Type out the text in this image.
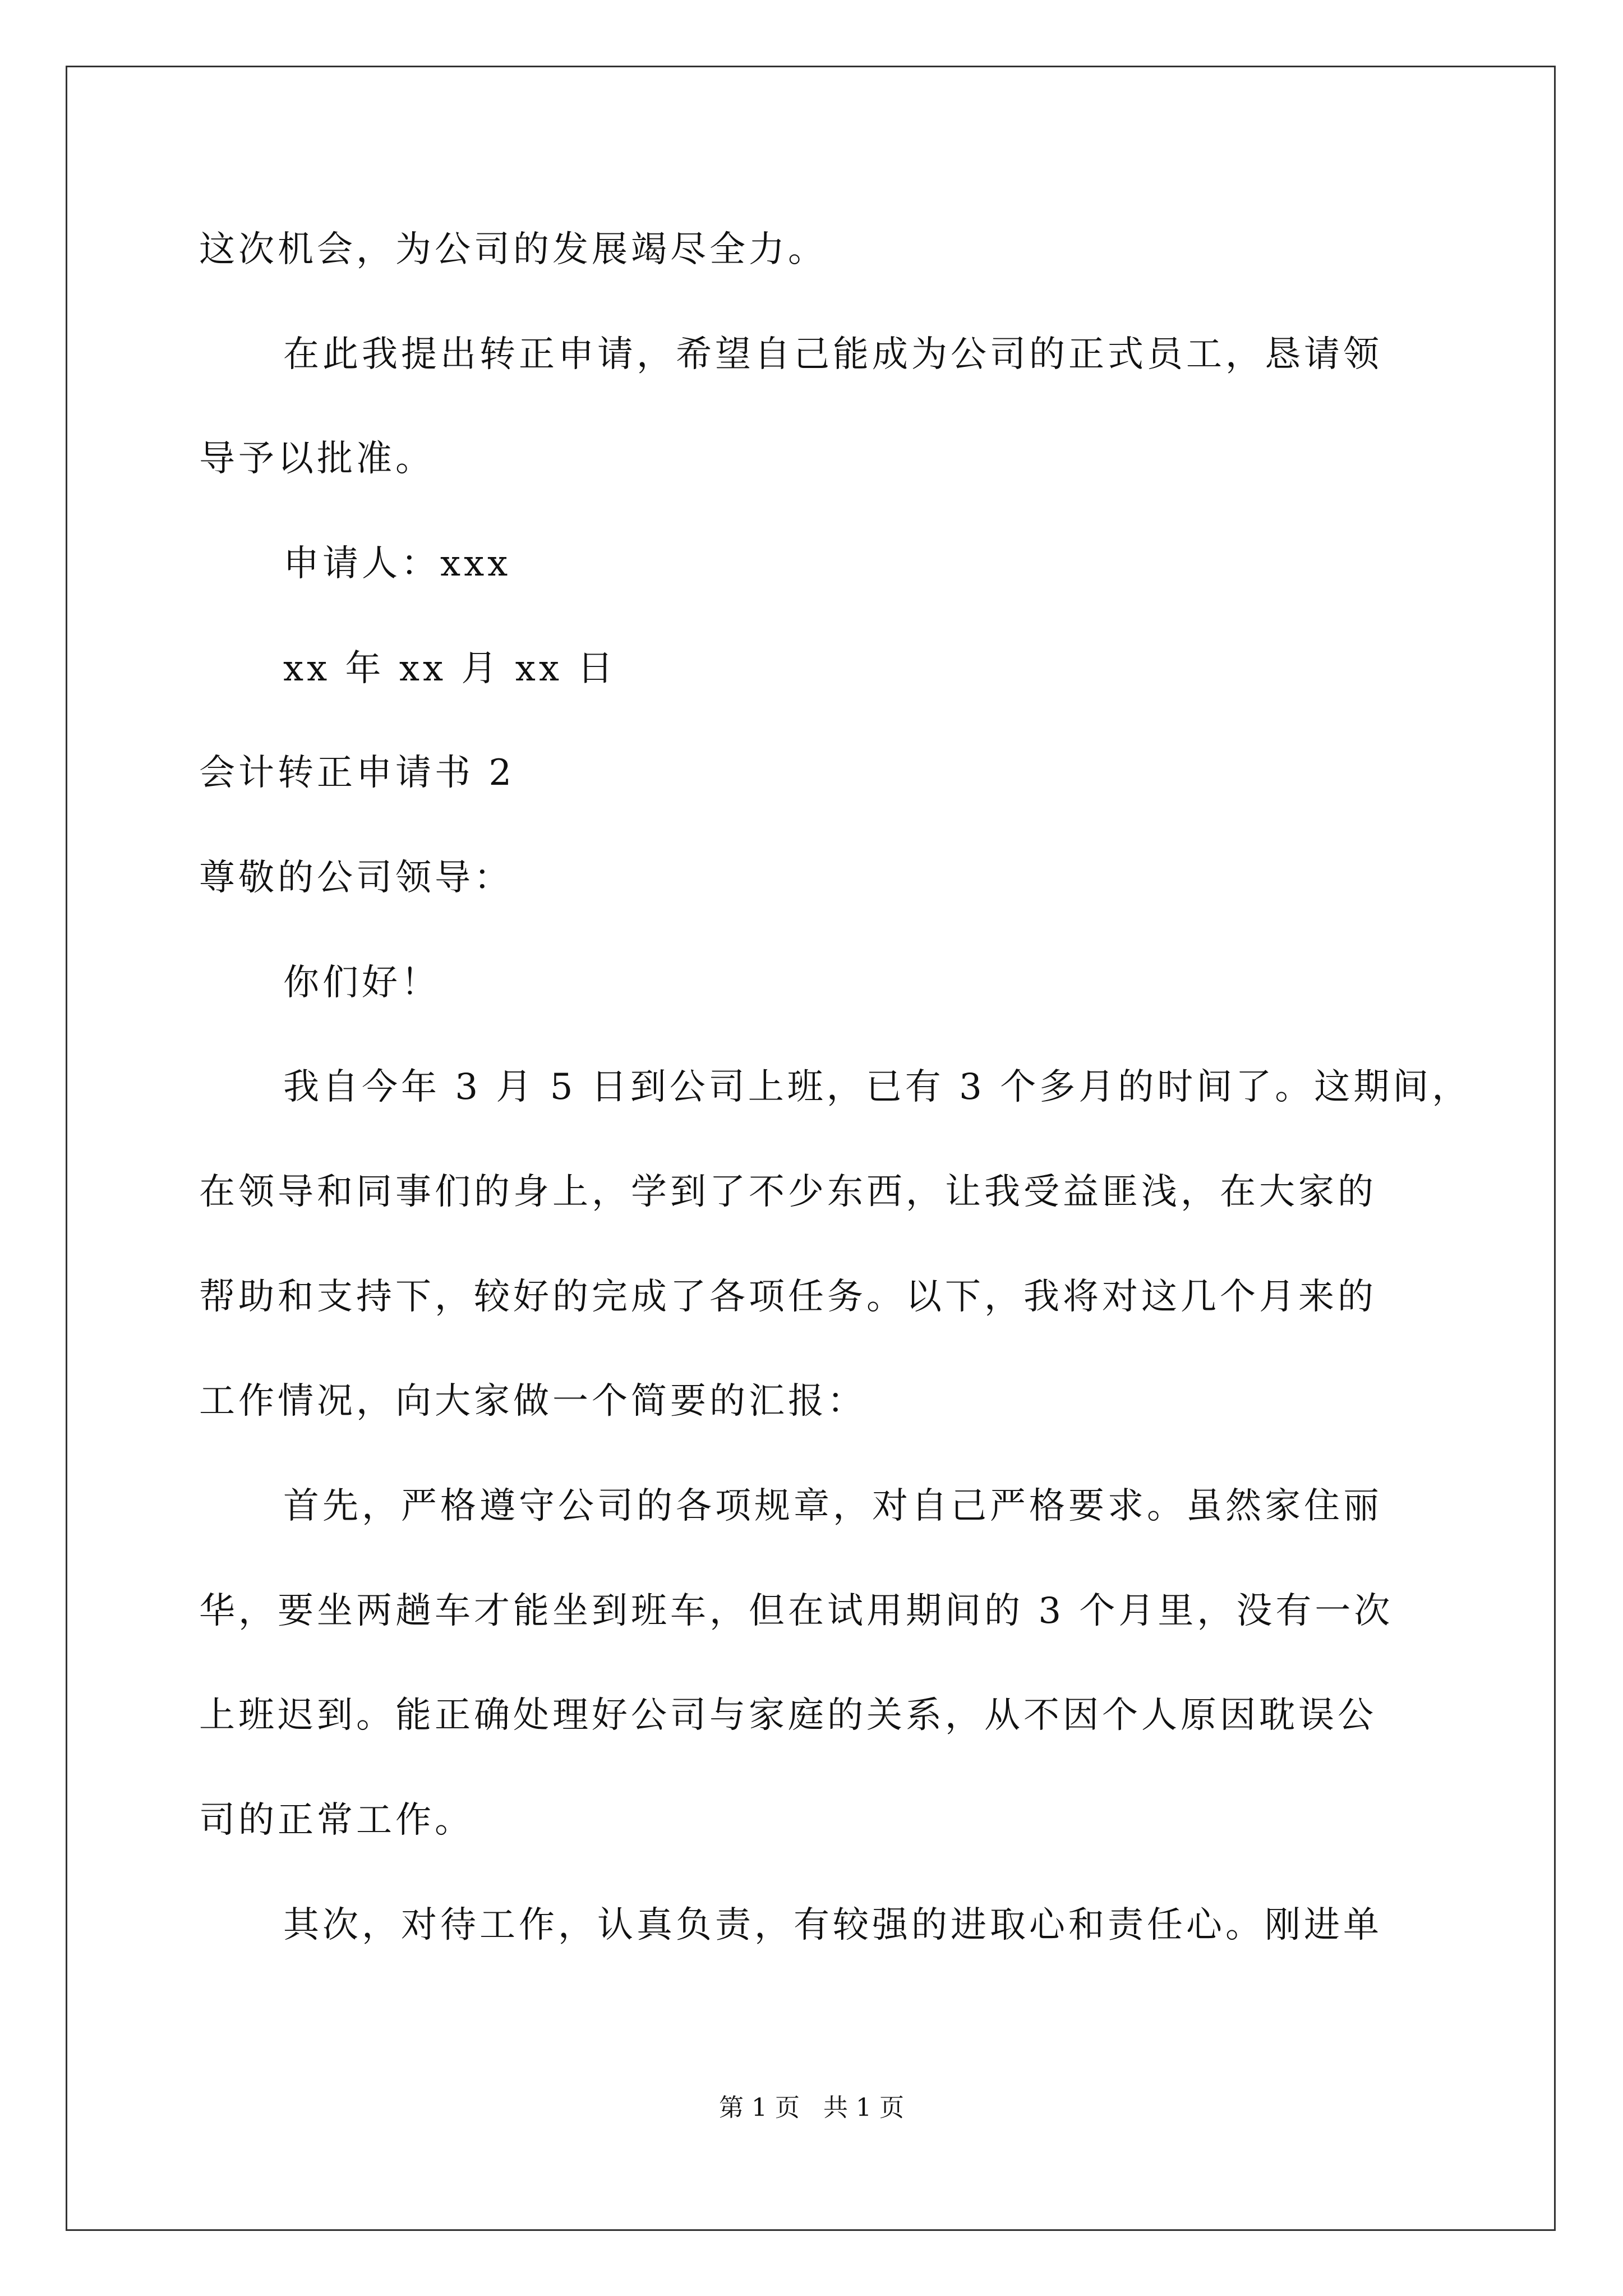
这次机会，为公司的发展竭尽全力。
在此我提出转正申请，希望自己能成为公司的正式员工，恳请领
导予以批准。
申请人：xxx
xx 年 xx 月 xx 日
会计转正申请书 2
尊敬的公司领导：
你们好！
我自今年 3 月 5 日到公司上班，已有 3 个多月的时间了。这期间，
在领导和同事们的身上，学到了不少东西，让我受益匪浅，在大家的
帮助和支持下，较好的完成了各项任务。以下，我将对这几个月来的
工作情况，向大家做一个简要的汇报：
首先，严格遵守公司的各项规章，对自己严格要求。虽然家住丽
华，要坐两趟车才能坐到班车，但在试用期间的 3 个月里，没有一次
上班迟到。能正确处理好公司与家庭的关系，从不因个人原因耽误公
司的正常工作。
其次，对待工作，认真负责，有较强的进取心和责任心。刚进单
第 1 页   共 1 页
